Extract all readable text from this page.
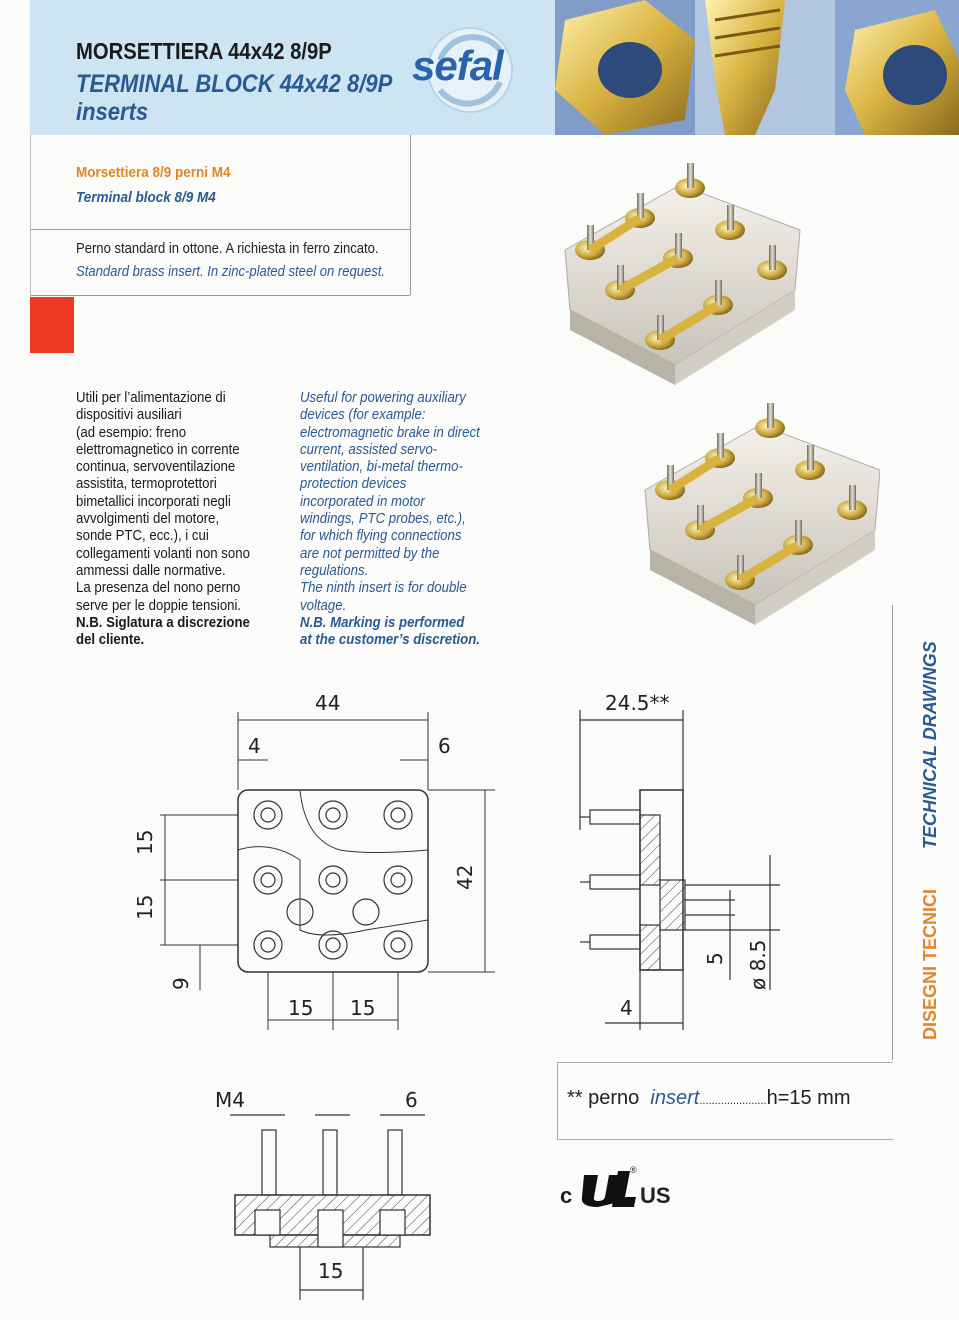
MORSETTIERA 44x42 8/9P
TERMINAL BLOCK 44x42 8/9P
inserts
sefal
Morsettiera 8/9 perni M4
Terminal block 8/9 M4
Perno standard in ottone. A richiesta in ferro zincato.
Standard brass insert. In zinc-plated steel on request.

Utili per l’alimentazione di
dispositivi ausiliari
(ad esempio: freno
elettromagnetico in corrente
continua, servoventilazione
assistita, termoprotettori
bimetallici incorporati negli
avvolgimenti del motore,
sonde PTC, ecc.), i cui
collegamenti volanti non sono
ammessi dalle normative.
La presenza del nono perno
serve per le doppie tensioni.

N.B. Siglatura a discrezione
del cliente.

Useful for powering auxiliary
devices (for example:
electromagnetic brake in direct
current, assisted servo-
ventilation, bi-metal thermo-
protection devices
incorporated in motor
windings, PTC probes, etc.),
for which flying connections
are not permitted by the
regulations.
The ninth insert is for double
voltage.

N.B. Marking is performed
at the customer’s discretion.

DISEGNI TECNICI  TECHNICAL DRAWINGS
44
4	6
42
15
15
9
15 15
24.5**
5 ø 8.5
4
M4	6
15
** perno insert......................h=15 mm
c
®
US
